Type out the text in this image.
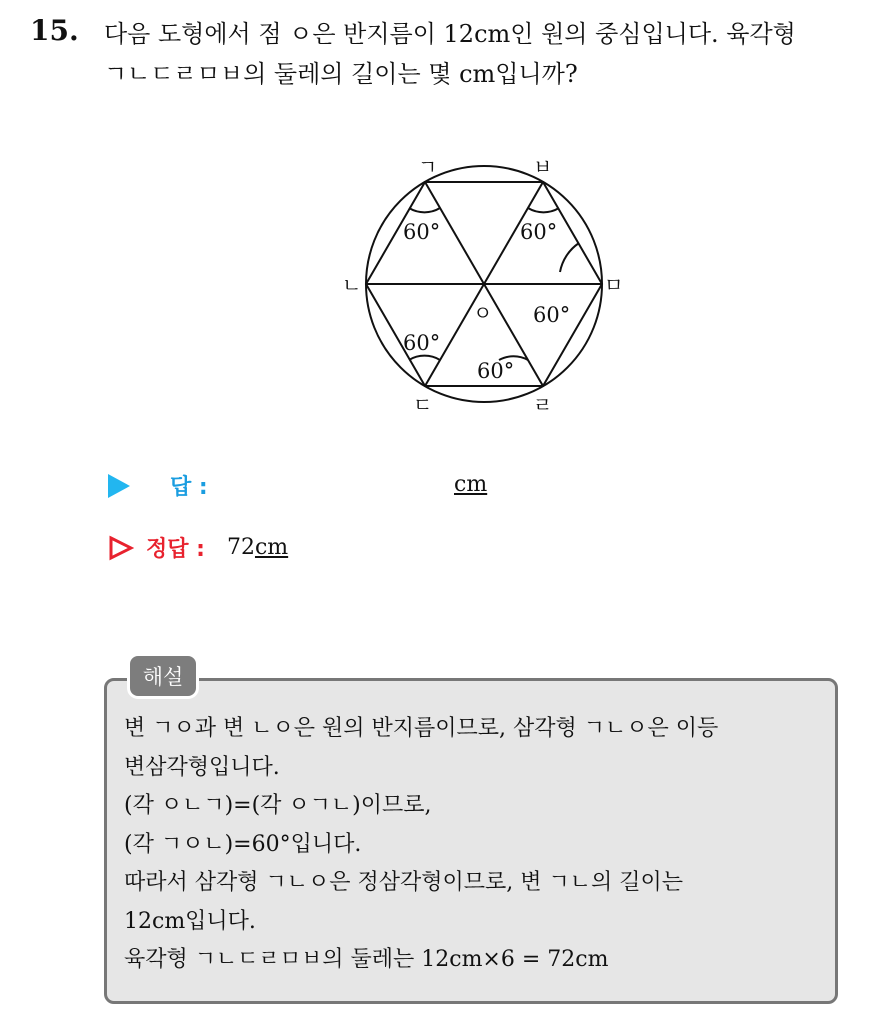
15. 다음 도형에서 점 ㅇ은 반지름이 12cm인 원의 중심입니다. 육각형
ㄱㄴㄷㄹㅁㅂ의 둘레의 길이는 몇 cm입니까?
ㄱ	ㅂ
ㅁ
ㄹ
ㄷ
ㄴ
ㅇ
60°	60°
60°
60°
60°
답 :	cm
정답 : 72cm
해설
변 ㄱㅇ과 변 ㄴㅇ은 원의 반지름이므로, 삼각형 ㄱㄴㅇ은 이등
변삼각형입니다.
(각 ㅇㄴㄱ)=(각 ㅇㄱㄴ)이므로,
(각 ㄱㅇㄴ)=60°입니다.
따라서 삼각형 ㄱㄴㅇ은 정삼각형이므로, 변 ㄱㄴ의 길이는
12cm입니다.
육각형 ㄱㄴㄷㄹㅁㅂ의 둘레는 12cm×6 = 72cm
